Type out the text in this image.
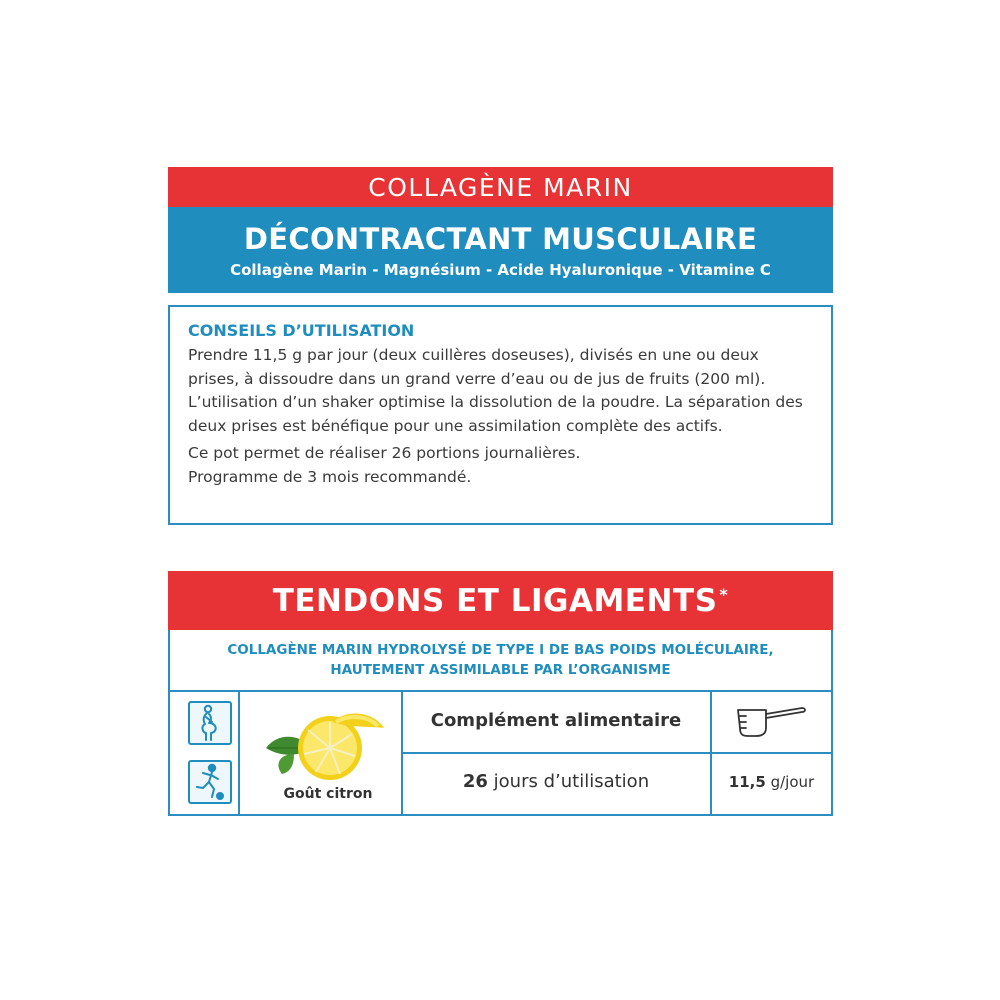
COLLAGÈNE MARIN
DÉCONTRACTANT MUSCULAIRE
Collagène Marin - Magnésium - Acide Hyaluronique - Vitamine C
CONSEILS D’UTILISATION

Prendre 11,5 g par jour (deux cuillères doseuses), divisés en une ou deux prises, à dissoudre dans un grand verre d’eau ou de jus de fruits (200 ml). L’utilisation d’un shaker optimise la dissolution de la poudre. La séparation des deux prises est bénéfique pour une assimilation complète des actifs.

Ce pot permet de réaliser 26 portions journalières.
Programme de 3 mois recommandé.

TENDONS ET LIGAMENTS*
COLLAGÈNE MARIN HYDROLYSÉ DE TYPE I DE BAS POIDS MOLÉCULAIRE,
HAUTEMENT ASSIMILABLE PAR L’ORGANISME
Goût citron
Complément alimentaire
26 jours d’utilisation	11,5 g/jour
